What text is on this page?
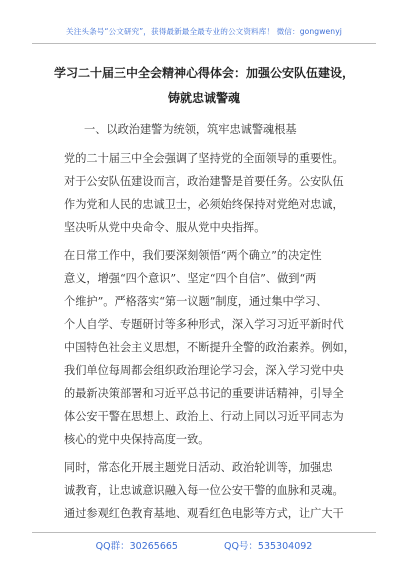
关注头条号“公文研究”，获得最新最全最专业的公文资料库！ 微信：gongwenyj
学习二十届三中全会精神心得体会：加强公安队伍建设，
铸就忠诚警魂
一、以政治建警为统领，筑牢忠诚警魂根基
党的二十届三中全会强调了坚持党的全面领导的重要性。
对于公安队伍建设而言，政治建警是首要任务。公安队伍
作为党和人民的忠诚卫士，必须始终保持对党绝对忠诚，
坚决听从党中央命令、服从党中央指挥。
在日常工作中，我们要深刻领悟“两个确立”的决定性
意义，增强“四个意识”、坚定“四个自信”、做到“两
个维护”。严格落实“第一议题”制度，通过集中学习、
个人自学、专题研讨等多种形式，深入学习习近平新时代
中国特色社会主义思想，不断提升全警的政治素养。例如，
我们单位每周都会组织政治理论学习会，深入学习党中央
的最新决策部署和习近平总书记的重要讲话精神，引导全
体公安干警在思想上、政治上、行动上同以习近平同志为
核心的党中央保持高度一致。
同时，常态化开展主题党日活动、政治轮训等，加强忠
诚教育，让忠诚意识融入每一位公安干警的血脉和灵魂。
通过参观红色教育基地、观看红色电影等方式，让广大干
QQ群：30265665	QQ号：535304092
